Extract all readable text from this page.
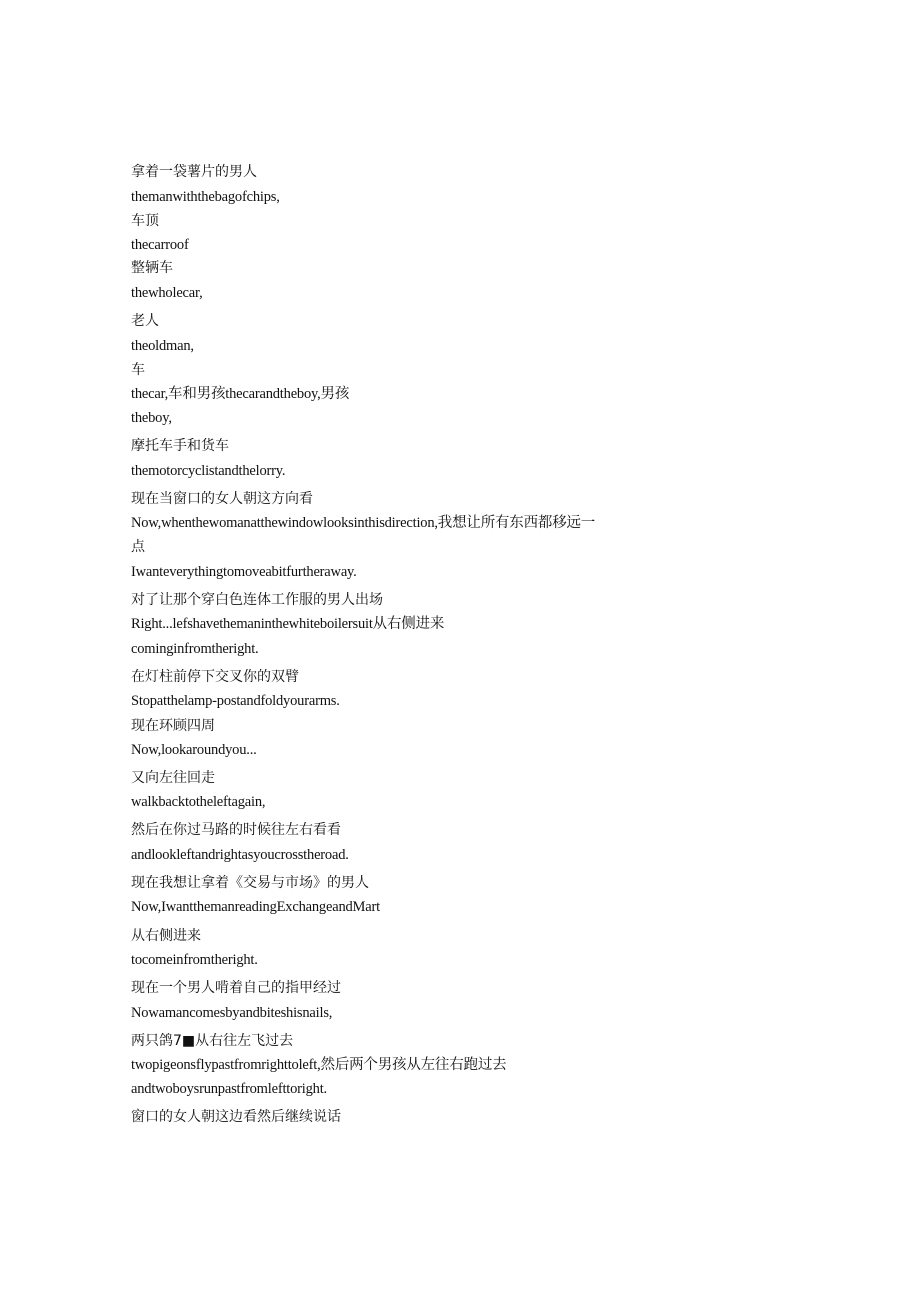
拿着一袋薯片的男人
themanwiththebagofchips,
车顶
thecarroof
整辆车
thewholecar,
老人
theoldman,
车
thecar,车和男孩thecarandtheboy,男孩
theboy,
摩托车手和货车
themotorcyclistandthelorry.
现在当窗口的女人朝这方向看
Now,whenthewomanatthewindowlooksinthisdirection,我想让所有东西都移远一
点
Iwanteverythingtomoveabitfurtheraway.
对了让那个穿白色连体工作服的男人出场
Right...lefshavethemaninthewhiteboilersuit从右侧进来
cominginfromtheright.
在灯柱前停下交叉你的双臂
Stopatthelamp-postandfoldyourarms.
现在环顾四周
Now,lookaroundyou...
又向左往回走
walkbacktotheleftagain,
然后在你过马路的时候往左右看看
andlookleftandrightasyoucrosstheroad.
现在我想让拿着《交易与市场》的男人
Now,IwantthemanreadingExchangeandMart
从右侧进来
tocomeinfromtheright.
现在一个男人啃着自己的指甲经过
Nowamancomesbyandbiteshisnails,
两只鸽7■从右往左飞过去
twopigeonsflypastfromrighttoleft,然后两个男孩从左往右跑过去
andtwoboysrunpastfromlefttoright.
窗口的女人朝这边看然后继续说话
